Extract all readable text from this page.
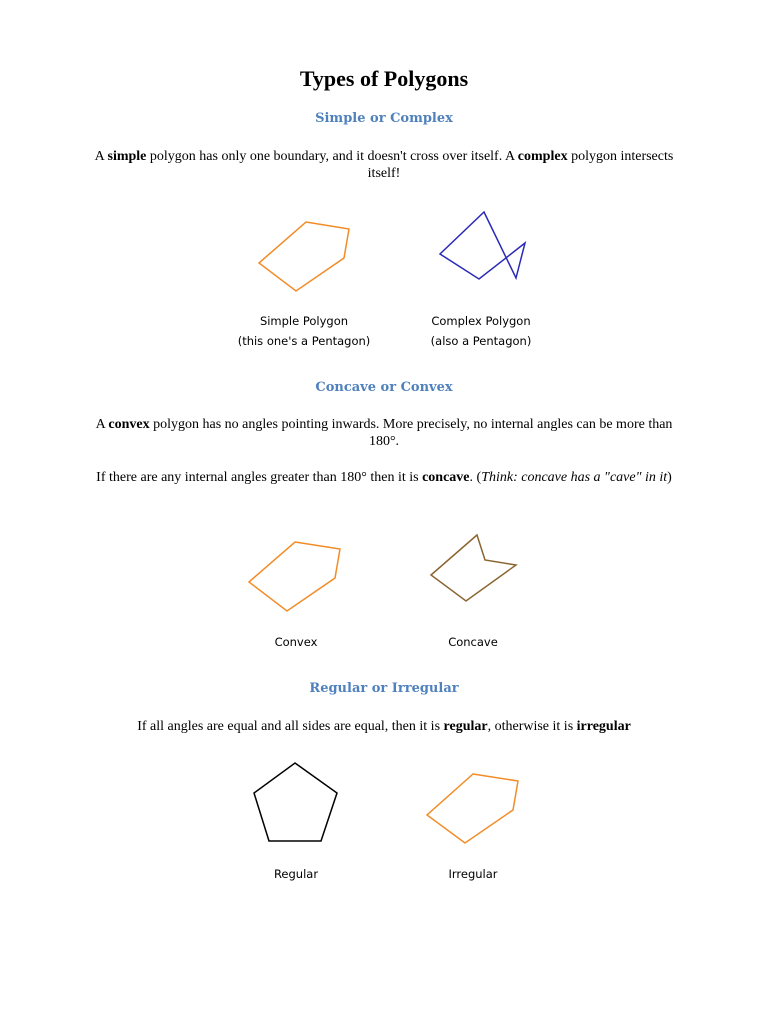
Types of Polygons
Simple or Complex
A simple polygon has only one boundary, and it doesn't cross over itself. A complex polygon intersects itself!
Simple Polygon
(this one's a Pentagon)
Complex Polygon
(also a Pentagon)
Concave or Convex
A convex polygon has no angles pointing inwards. More precisely, no internal angles can be more than 180°.
If there are any internal angles greater than 180° then it is concave. (Think: concave has a "cave" in it)
Convex	Concave
Regular or Irregular
If all angles are equal and all sides are equal, then it is regular, otherwise it is irregular
Regular	Irregular
